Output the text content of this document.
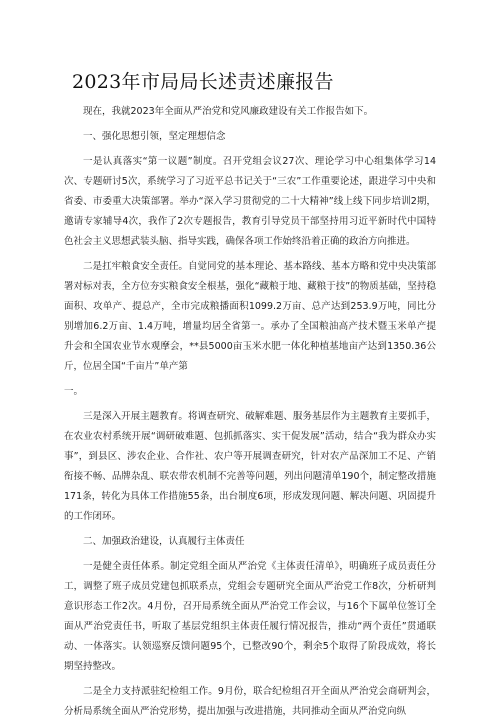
2023年市局局长述责述廉报告

现在，我就2023年全面从严治党和党风廉政建设有关工作报告如下。

一、强化思想引领，坚定理想信念

一是认真落实“第一议题”制度。召开党组会议27次、理论学习中心组集体学习14次、专题研讨5次，系统学习了习近平总书记关于“三农”工作重要论述，跟进学习中央和省委、市委重大决策部署。举办“深入学习贯彻党的二十大精神”线上线下同步培训2期，邀请专家辅导4次，我作了2次专题报告，教育引导党员干部坚持用习近平新时代中国特色社会主义思想武装头脑、指导实践，确保各项工作始终沿着正确的政治方向推进。

二是扛牢粮食安全责任。自觉同党的基本理论、基本路线、基本方略和党中央决策部署对标对表，全方位夯实粮食安全根基，强化“藏粮于地、藏粮于技”的物质基础，坚持稳面积、攻单产、提总产，全市完成粮播面积1099.2万亩、总产达到253.9万吨，同比分别增加6.2万亩、1.4万吨，增量均居全省第一。承办了全国粮油高产技术暨玉米单产提升会和全国农业节水观摩会，**县5000亩玉米水肥一体化种植基地亩产达到1350.36公斤，位居全国“千亩片”单产第

一。

三是深入开展主题教育。将调查研究、破解难题、服务基层作为主题教育主要抓手，在农业农村系统开展“调研破难题、包抓抓落实、实干促发展”活动，结合“我为群众办实事”，到县区、涉农企业、合作社、农户等开展调查研究，针对农产品深加工不足、产销衔接不畅、品牌杂乱、联农带农机制不完善等问题，列出问题清单190个，制定整改措施171条，转化为具体工作措施55条，出台制度6项，形成发现问题、解决问题、巩固提升的工作闭环。

二、加强政治建设，认真履行主体责任

一是健全责任体系。制定党组全面从严治党《主体责任清单》，明确班子成员责任分工，调整了班子成员党建包抓联系点，党组会专题研究全面从严治党工作8次，分析研判意识形态工作2次。4月份，召开局系统全面从严治党工作会议，与16个下属单位签订全面从严治党责任书，听取了基层党组织主体责任履行情况报告，推动“两个责任”贯通联动、一体落实。认领巡察反馈问题95个，已整改90个，剩余5个取得了阶段成效，将长期坚持整改。

二是全力支持派驻纪检组工作。9月份，联合纪检组召开全面从严治党会商研判会，分析局系统全面从严治党形势，提出加强与改进措施，共同推动全面从严治党向纵
